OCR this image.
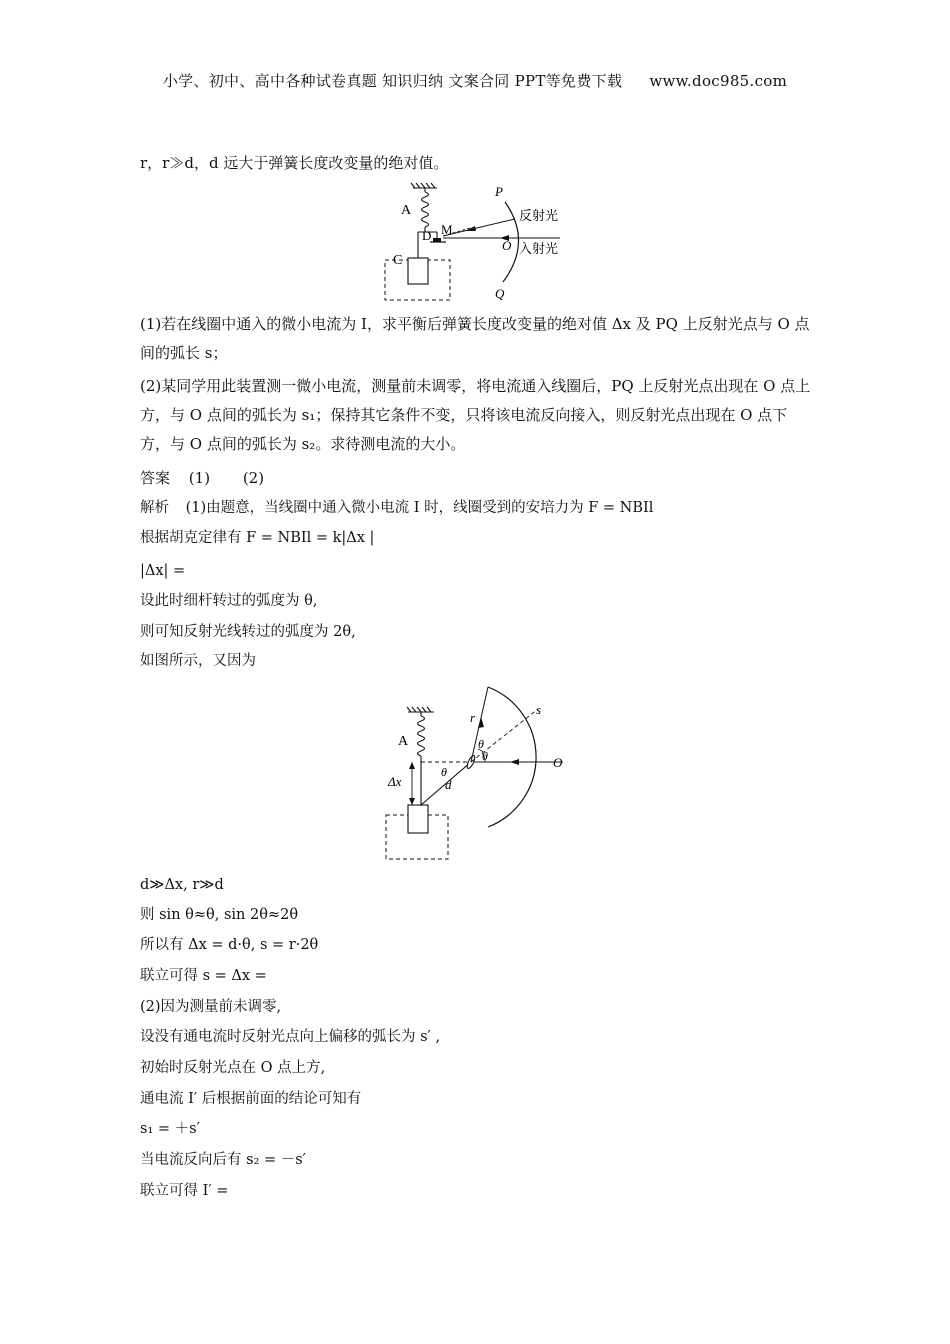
小学、初中、高中各种试卷真题 知识归纳 文案合同 PPT等免费下载 www.doc985.com
r，r≫d，d 远大于弹簧长度改变量的绝对值。
A
D M
C
P
O
Q
反射光
入射光
(1)若在线圈中通入的微小电流为 I，求平衡后弹簧长度改变量的绝对值 Δx 及 PQ 上反射光点与 O 点间的弧长 s；
(2)某同学用此装置测一微小电流，测量前未调零，将电流通入线圈后，PQ 上反射光点出现在 O 点上方，与 O 点间的弧长为 s₁；保持其它条件不变，只将该电流反向接入，则反射光点出现在 O 点下方，与 O 点间的弧长为 s₂。求待测电流的大小。
答案 (1) (2)
解析 (1)由题意，当线圈中通入微小电流 I 时，线圈受到的安培力为 F = NBIl
根据胡克定律有 F = NBIl = k|Δx |
|Δx| =
设此时细杆转过的弧度为 θ,
则可知反射光线转过的弧度为 2θ,
如图所示，又因为
A
Δx
θ
d
r
θ
θ
s
O
d≫Δx, r≫d
则 sin θ≈θ, sin 2θ≈2θ
所以有 Δx = d·θ, s = r·2θ
联立可得 s = Δx =
(2)因为测量前未调零,
设没有通电流时反射光点向上偏移的弧长为 s′ ,
初始时反射光点在 O 点上方,
通电流 I′ 后根据前面的结论可知有
s₁ = ＋s′
当电流反向后有 s₂ = －s′
联立可得 I′ =
